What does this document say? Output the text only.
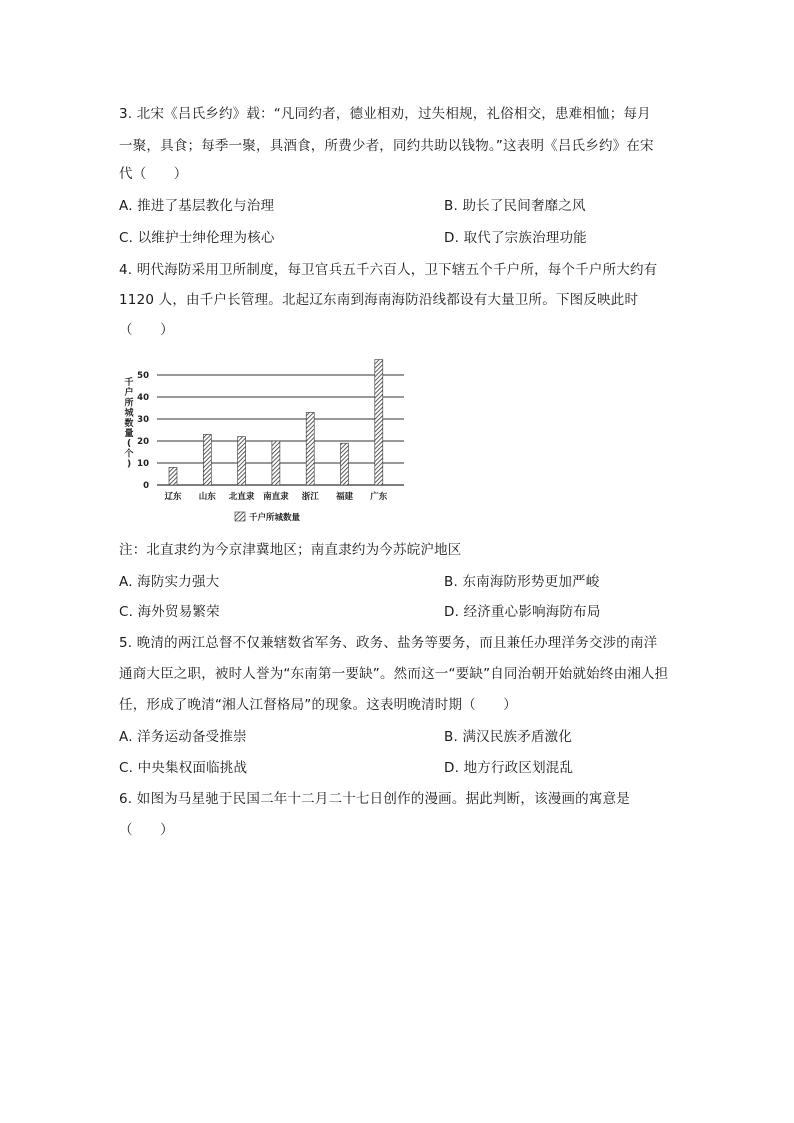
3. 北宋《吕氏乡约》载：“凡同约者，德业相劝，过失相规，礼俗相交，患难相恤；每月
一聚，具食；每季一聚，具酒食，所费少者，同约共助以钱物。”这表明《吕氏乡约》在宋
代（　　）
A. 推进了基层教化与治理	B. 助长了民间奢靡之风
C. 以维护士绅伦理为核心	D. 取代了宗族治理功能
4. 明代海防采用卫所制度，每卫官兵五千六百人，卫下辖五个千户所，每个千户所大约有
1120 人，由千户长管理。北起辽东南到海南海防沿线都设有大量卫所。下图反映此时
（　　）
0
10
20
30
40
50
辽东 山东 北直隶 南直隶 浙江 福建 广东
千户所城数量(个)
千户所城数量
注：北直隶约为今京津冀地区；南直隶约为今苏皖沪地区
A. 海防实力强大	B. 东南海防形势更加严峻
C. 海外贸易繁荣	D. 经济重心影响海防布局
5. 晚清的两江总督不仅兼辖数省军务、政务、盐务等要务，而且兼任办理洋务交涉的南洋
通商大臣之职，被时人誉为“东南第一要缺”。然而这一“要缺”自同治朝开始就始终由湘人担
任，形成了晚清“湘人江督格局”的现象。这表明晚清时期（　　）
A. 洋务运动备受推崇	B. 满汉民族矛盾激化
C. 中央集权面临挑战	D. 地方行政区划混乱
6. 如图为马星驰于民国二年十二月二十七日创作的漫画。据此判断，该漫画的寓意是
（　　）
